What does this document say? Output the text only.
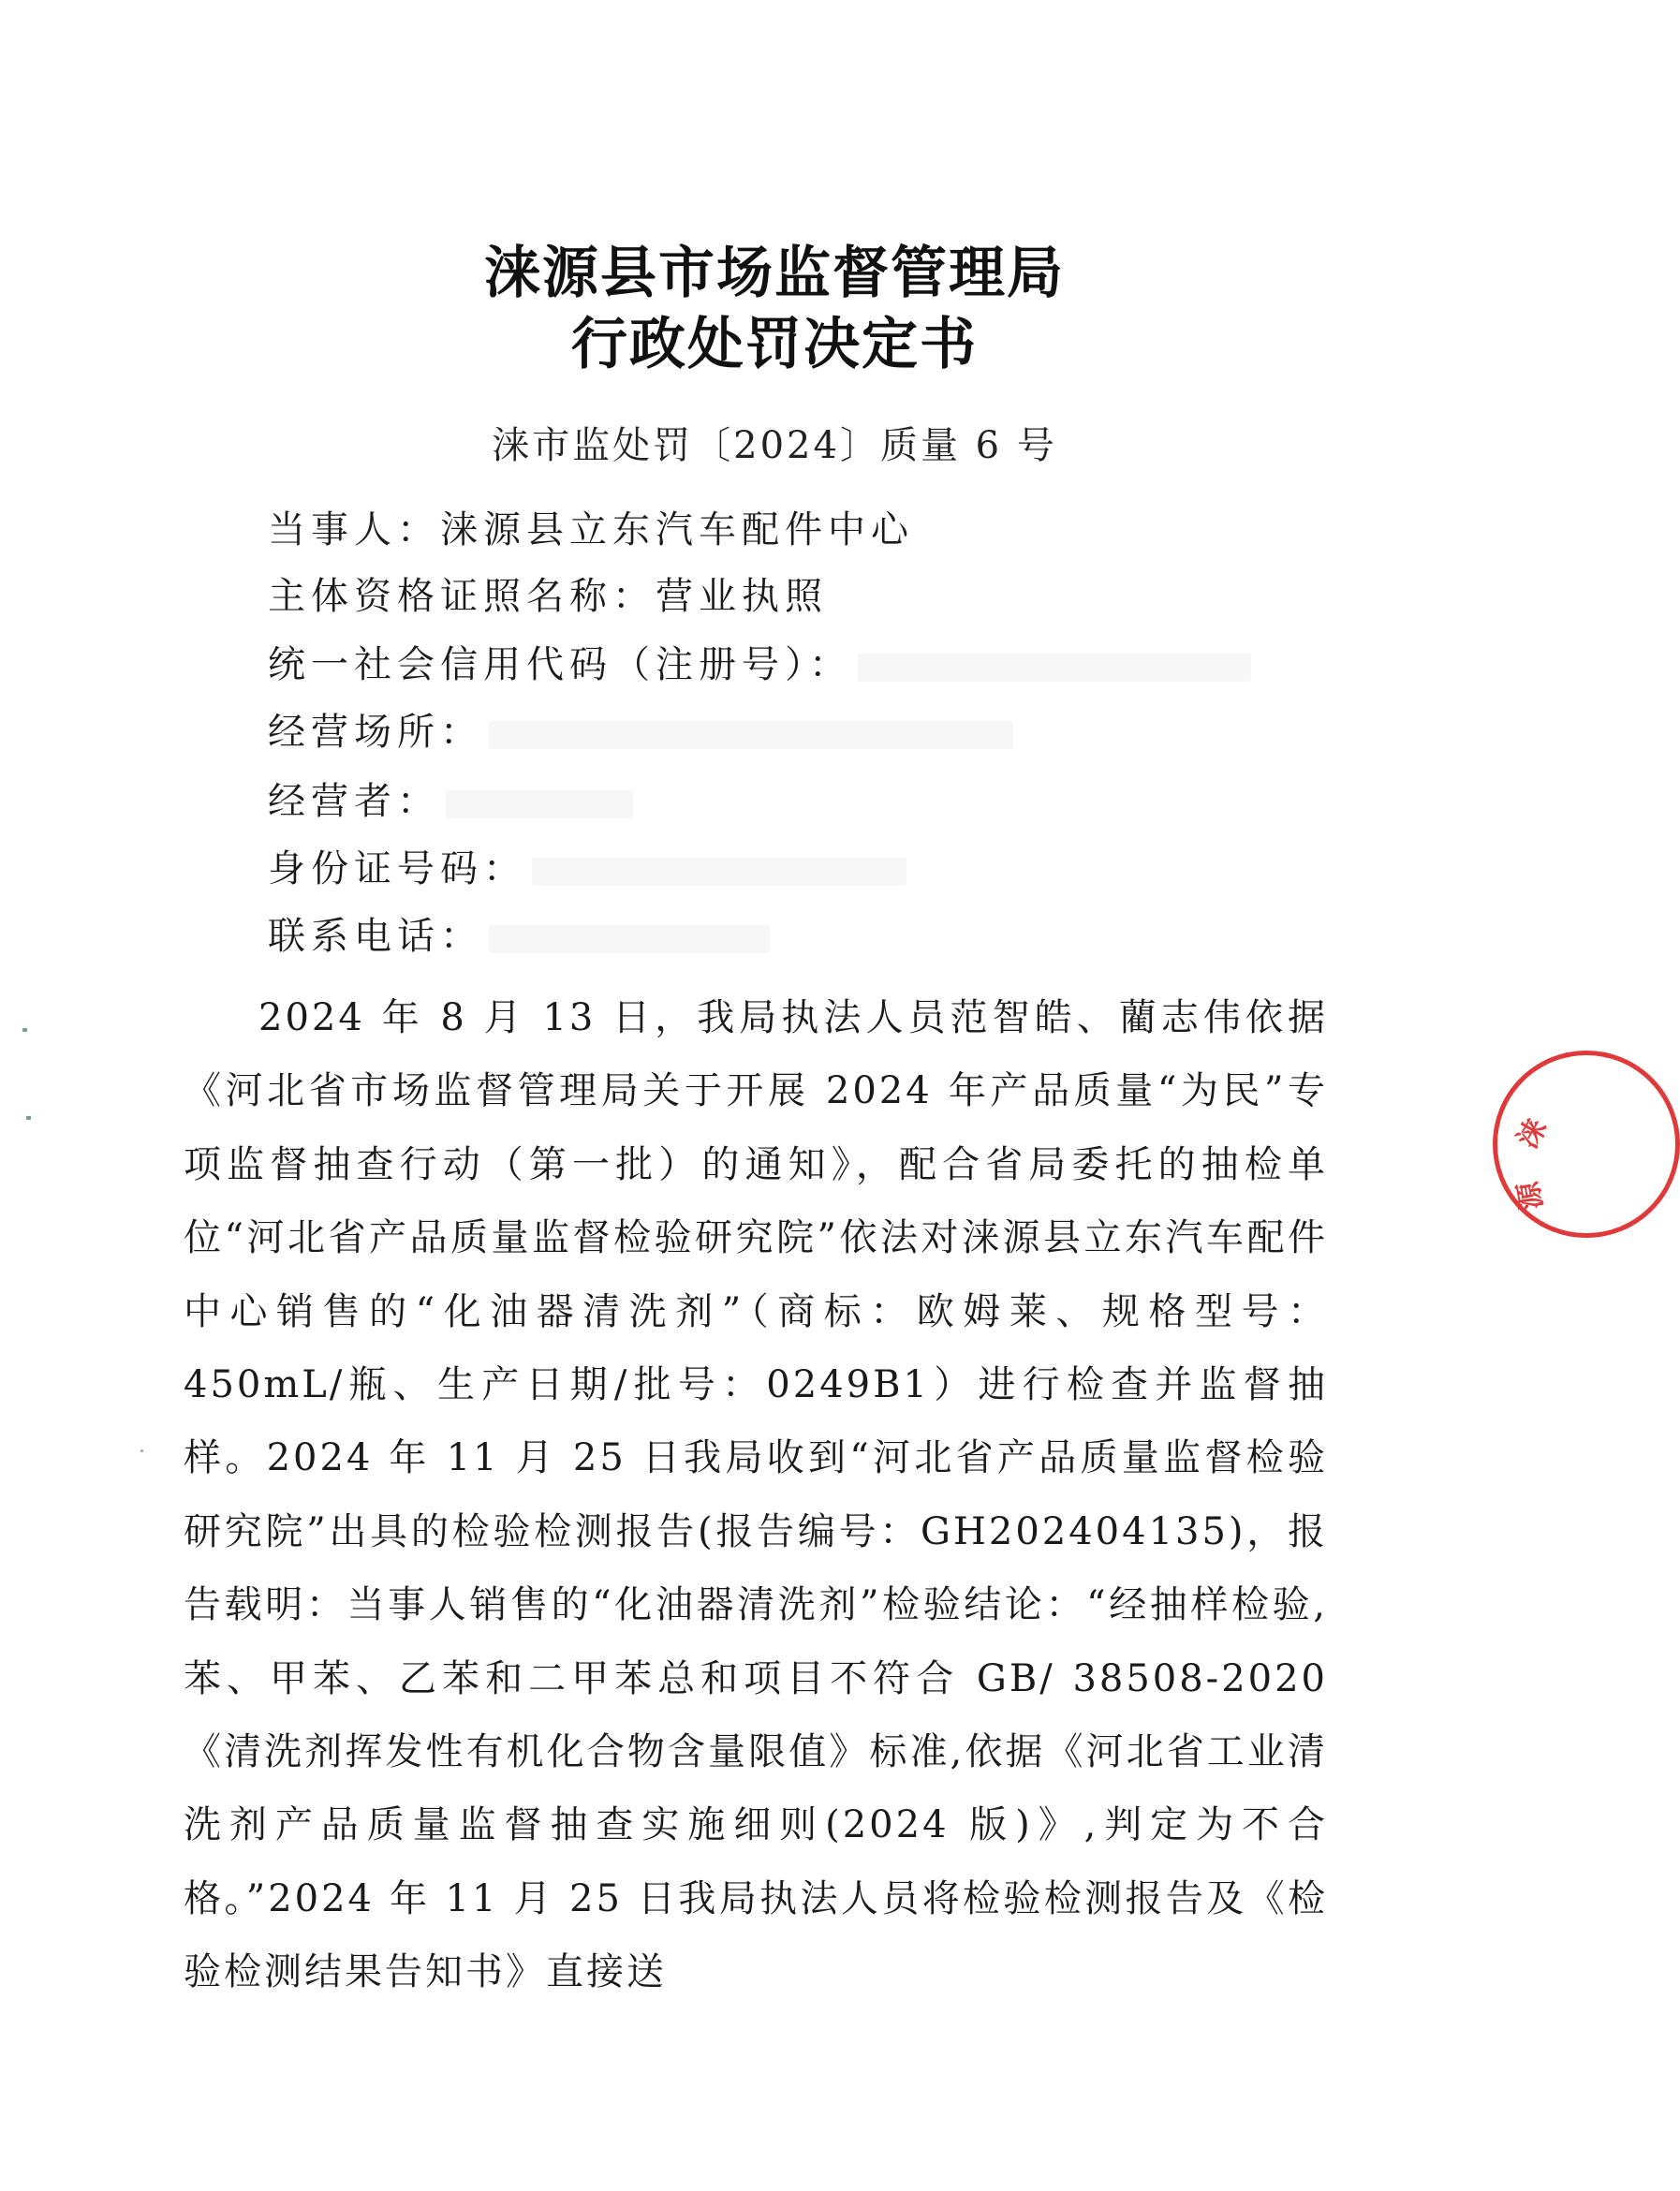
涞源县市场监督管理局
行政处罚决定书
涞市监处罚〔2024〕质量 6 号
当事人：涞源县立东汽车配件中心
主体资格证照名称：营业执照
统一社会信用代码（注册号）：
经营场所：
经营者：
身份证号码：
联系电话：

2024 年 8 月 13 日，我局执法人员范智皓、藺志伟依据《河北省市场监督管理局关于开展 2024 年产品质量“为民”专项监督抽查行动（第一批）的通知》，配合省局委托的抽检单位“河北省产品质量监督检验研究院”依法对涞源县立东汽车配件中心销售的“化油器清洗剂”（商标：欧姆莱、规格型号：450mL/瓶、生产日期/批号：0249B1）进行检查并监督抽样。2024 年 11 月 25 日我局收到“河北省产品质量监督检验研究院”出具的检验检测报告(报告编号：GH202404135)，报告载明：当事人销售的“化油器清洗剂”检验结论：“经抽样检验,苯、甲苯、乙苯和二甲苯总和项目不符合 GB/ 38508-2020《清洗剂挥发性有机化合物含量限值》标准,依据《河北省工业清洗剂产品质量监督抽查实施细则(2024 版)》,判定为不合格。”2024 年 11 月 25 日我局执法人员将检验检测报告及《检验检测结果告知书》直接送

涞
源
